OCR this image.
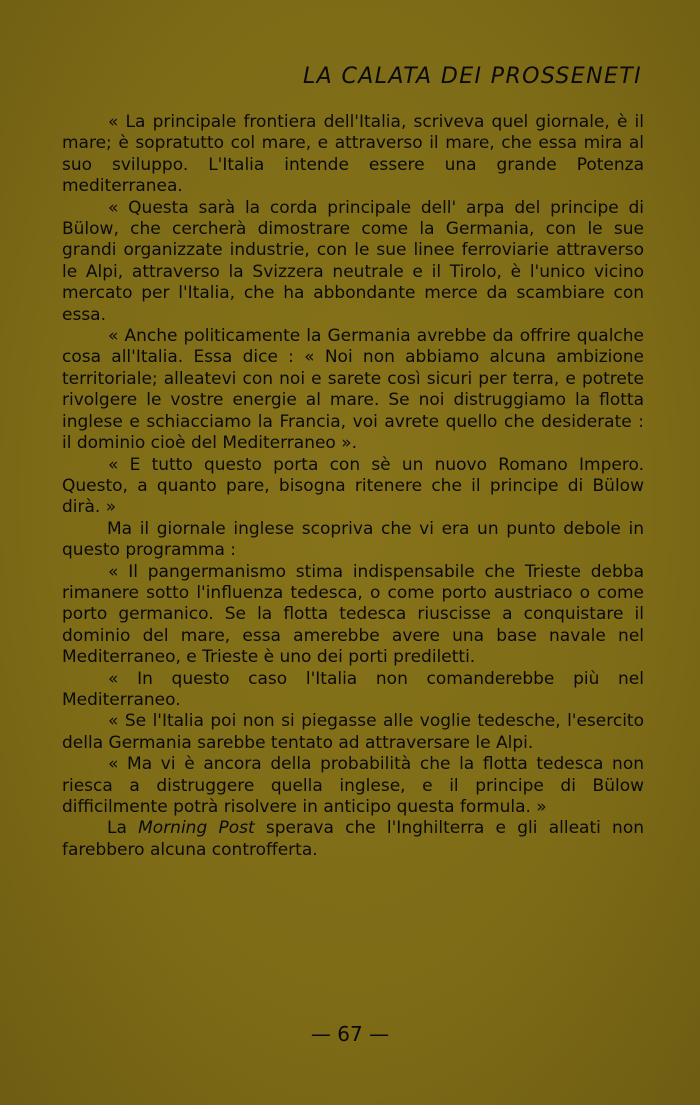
LA CALATA DEI PROSSENETI

« La principale frontiera dell'Italia, scriveva quel giornale, è il mare; è sopratutto col mare, e attraverso il mare, che essa mira al suo sviluppo. L'Italia intende essere una grande Potenza mediterranea.

« Questa sarà la corda principale dell' arpa del principe di Bülow, che cercherà dimostrare come la Germania, con le sue grandi organizzate industrie, con le sue linee ferroviarie attraverso le Alpi, attraverso la Svizzera neutrale e il Tirolo, è l'unico vicino mercato per l'Italia, che ha abbondante merce da scambiare con essa.

« Anche politicamente la Germania avrebbe da offrire qualche cosa all'Italia. Essa dice : « Noi non abbiamo alcuna ambizione territoriale; alleatevi con noi e sarete così sicuri per terra, e potrete rivolgere le vostre energie al mare. Se noi distruggiamo la flotta inglese e schiacciamo la Francia, voi avrete quello che desiderate : il dominio cioè del Mediterraneo ».

« E tutto questo porta con sè un nuovo Romano Impero. Questo, a quanto pare, bisogna ritenere che il principe di Bülow dirà. »

Ma il giornale inglese scopriva che vi era un punto debole in questo programma :

« Il pangermanismo stima indispensabile che Trieste debba rimanere sotto l'influenza tedesca, o come porto austriaco o come porto germanico. Se la flotta tedesca riuscisse a conquistare il dominio del mare, essa amerebbe avere una base navale nel Mediterraneo, e Trieste è uno dei porti prediletti.

« In questo caso l'Italia non comanderebbe più nel Mediterraneo.

« Se l'Italia poi non si piegasse alle voglie tedesche, l'esercito della Germania sarebbe tentato ad attraversare le Alpi.

« Ma vi è ancora della probabilità che la flotta tedesca non riesca a distruggere quella inglese, e il principe di Bülow difficilmente potrà risolvere in anticipo questa formula. »

La Morning Post sperava che l'Inghilterra e gli alleati non farebbero alcuna controfferta.

— 67 —
